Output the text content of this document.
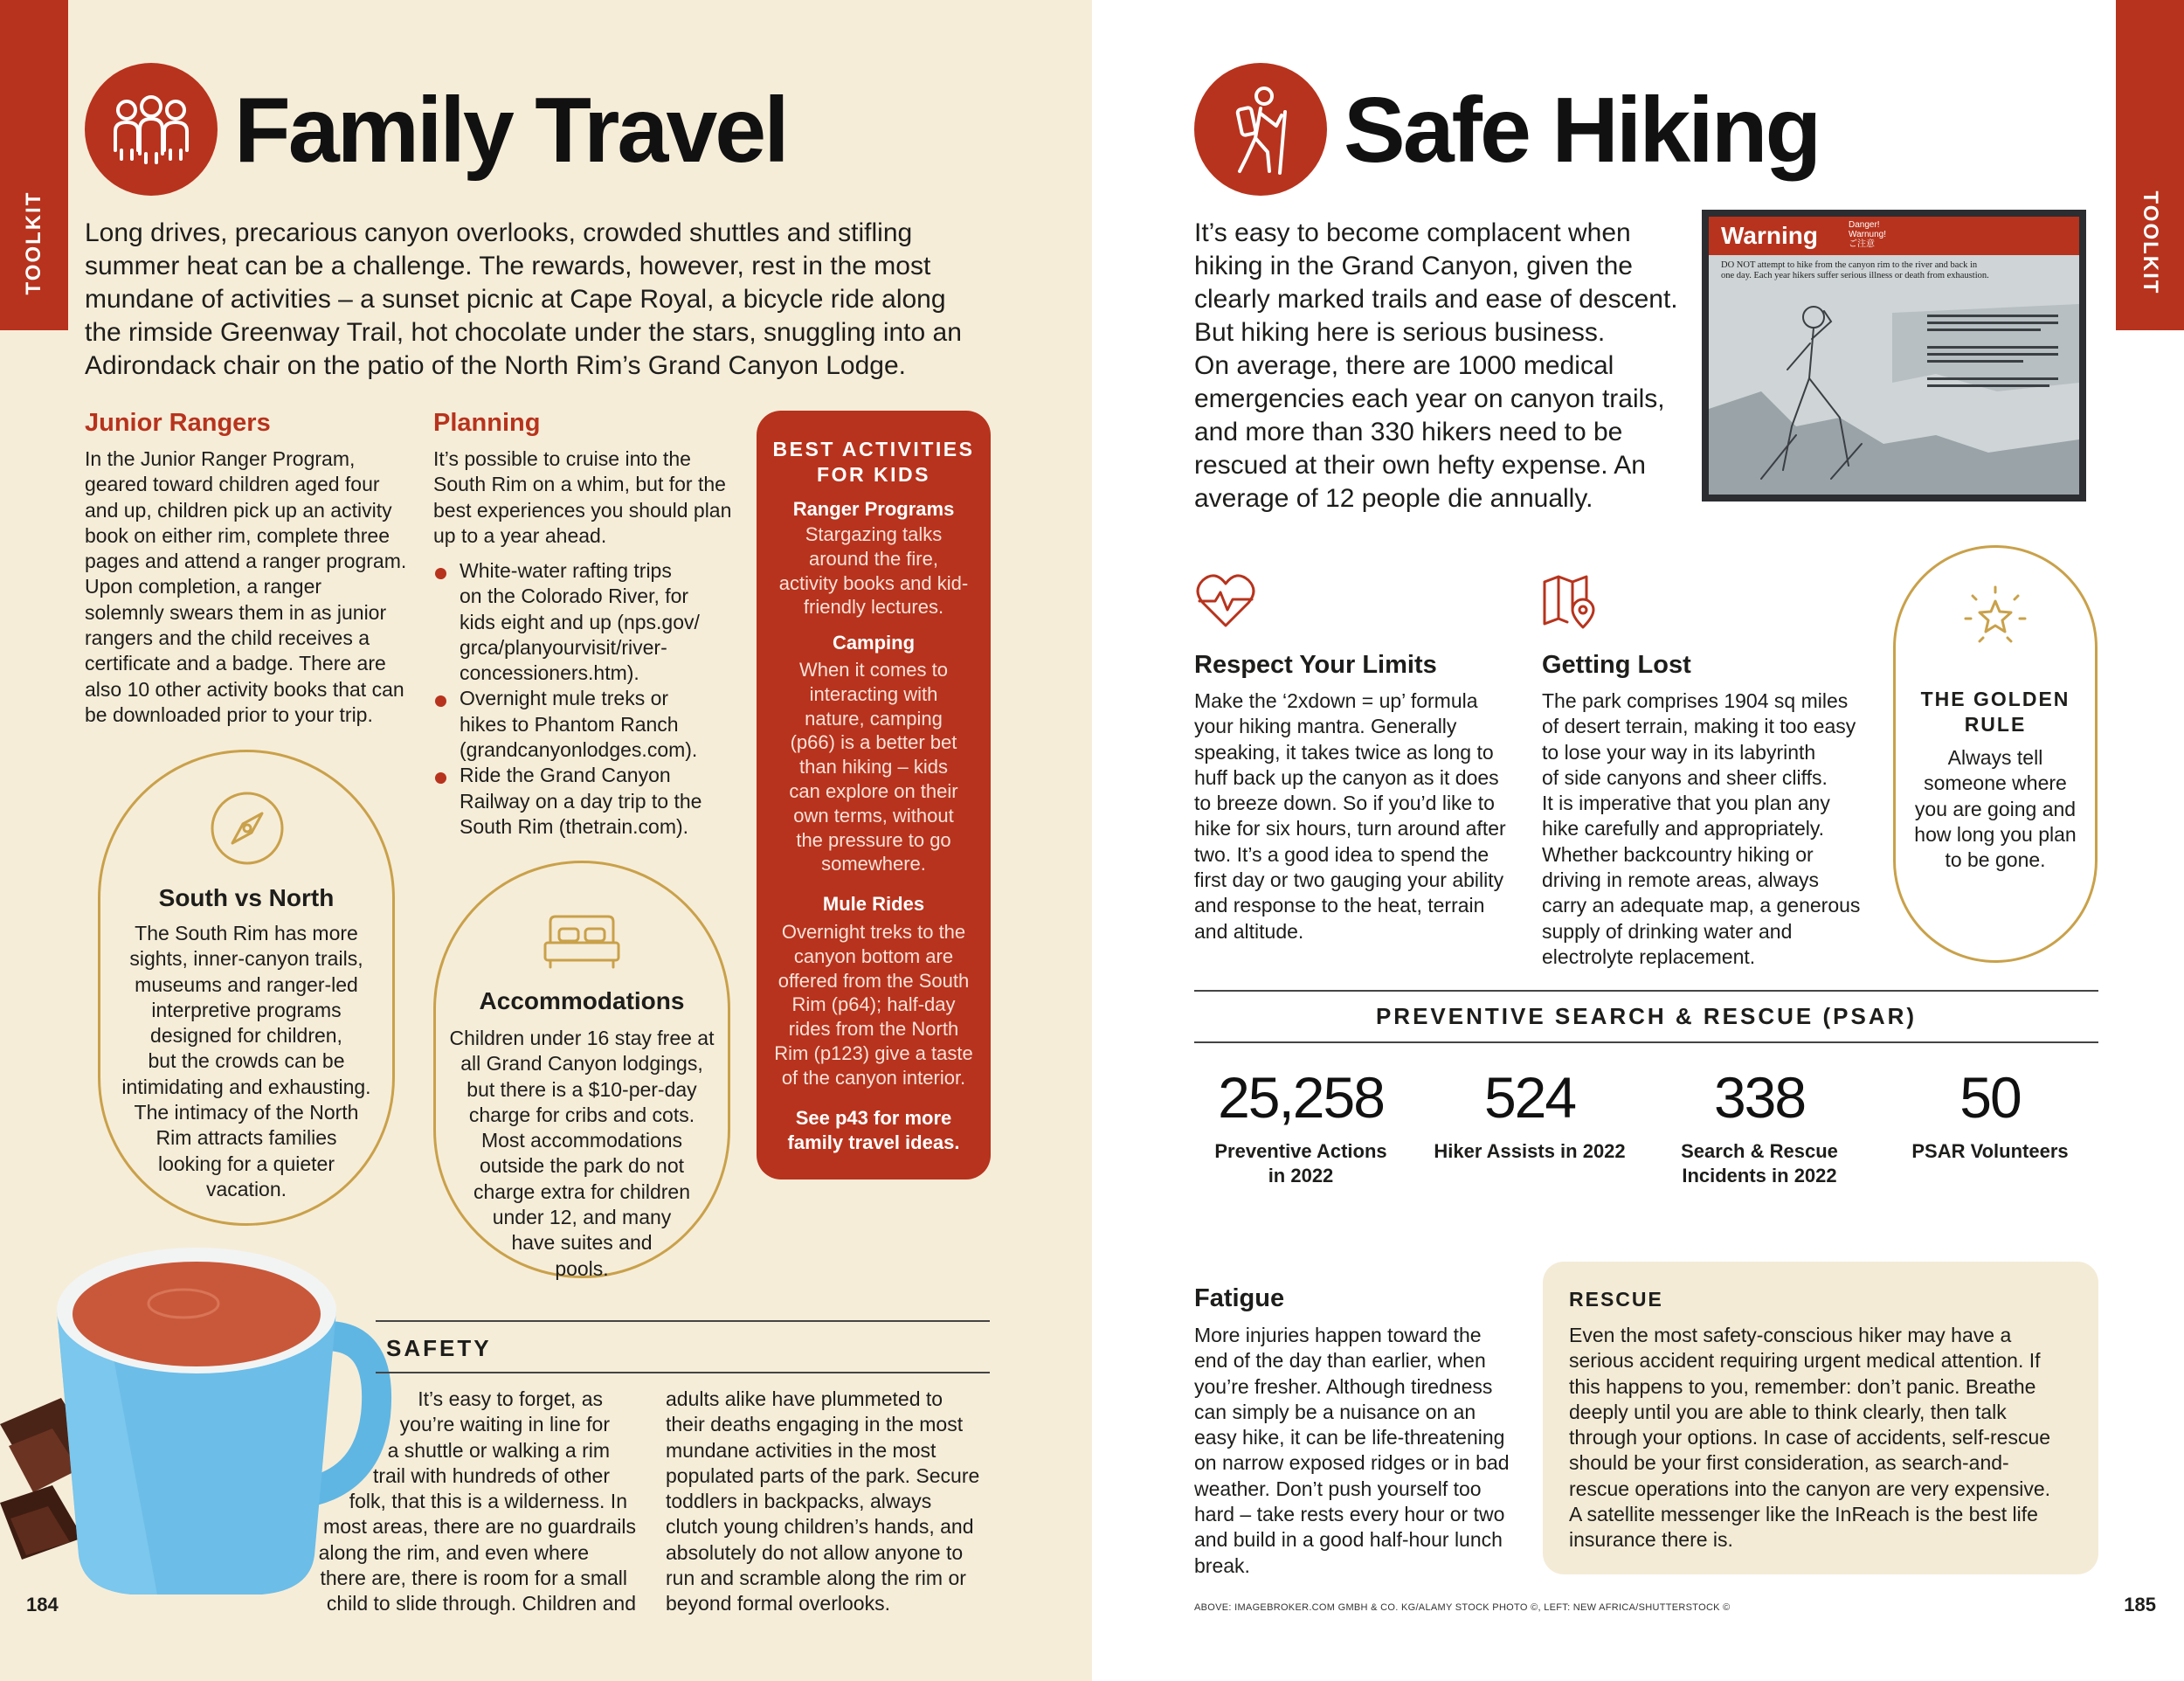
TOOLKIT
Family Travel
Long drives, precarious canyon overlooks, crowded shuttles and stifling
summer heat can be a challenge. The rewards, however, rest in the most
mundane of activities – a sunset picnic at Cape Royal, a bicycle ride along
the rimside Greenway Trail, hot chocolate under the stars, snuggling into an
Adirondack chair on the patio of the North Rim’s Grand Canyon Lodge.
Junior Rangers
In the Junior Ranger Program,
geared toward children aged four
and up, children pick up an activity
book on either rim, complete three
pages and attend a ranger program.
Upon completion, a ranger
solemnly swears them in as junior
rangers and the child receives a
certificate and a badge. There are
also 10 other activity books that can
be downloaded prior to your trip.
Planning
It’s possible to cruise into the
South Rim on a whim, but for the
best experiences you should plan
up to a year ahead.
White-water rafting trips
on the Colorado River, for
kids eight and up (nps.gov/
grca/planyourvisit/river-
concessioners.htm).
Overnight mule treks or
hikes to Phantom Ranch
(grandcanyonlodges.com).
Ride the Grand Canyon
Railway on a day trip to the
South Rim (thetrain.com).
South vs North
The South Rim has more
sights, inner-canyon trails,
museums and ranger-led
interpretive programs
designed for children,
but the crowds can be
intimidating and exhausting.
The intimacy of the North
Rim attracts families
looking for a quieter
vacation.
Accommodations
Children under 16 stay free at
all Grand Canyon lodgings,
but there is a $10-per-day
charge for cribs and cots.
Most accommodations
outside the park do not
charge extra for children
under 12, and many
have suites and
pools.
BEST ACTIVITIES
FOR KIDS
Ranger Programs
Stargazing talks
around the fire,
activity books and kid-
friendly lectures.
Camping
When it comes to
interacting with
nature, camping
(p66) is a better bet
than hiking – kids
can explore on their
own terms, without
the pressure to go
somewhere.
Mule Rides
Overnight treks to the
canyon bottom are
offered from the South
Rim (p64); half-day
rides from the North
Rim (p123) give a taste
of the canyon interior.
See p43 for more
family travel ideas.
SAFETY
It’s easy to forget, as
you’re waiting in line for
a shuttle or walking a rim
trail with hundreds of other
folk, that this is a wilderness. In
most areas, there are no guardrails
along the rim, and even where
there are, there is room for a small
child to slide through. Children and
adults alike have plummeted to
their deaths engaging in the most
mundane activities in the most
populated parts of the park. Secure
toddlers in backpacks, always
clutch young children’s hands, and
absolutely do not allow anyone to
run and scramble along the rim or
beyond formal overlooks.
184
TOOLKIT
Safe Hiking
It’s easy to become complacent when
hiking in the Grand Canyon, given the
clearly marked trails and ease of descent.
But hiking here is serious business.
On average, there are 1000 medical
emergencies each year on canyon trails,
and more than 330 hikers need to be
rescued at their own hefty expense. An
average of 12 people die annually.
Warning	Danger!
Warnung!
ご注意
DO NOT attempt to hike from the canyon rim to the river and back in
one day. Each year hikers suffer serious illness or death from exhaustion.
Respect Your Limits
Make the ‘2xdown = up’ formula
your hiking mantra. Generally
speaking, it takes twice as long to
huff back up the canyon as it does
to breeze down. So if you’d like to
hike for six hours, turn around after
two. It’s a good idea to spend the
first day or two gauging your ability
and response to the heat, terrain
and altitude.
Getting Lost
The park comprises 1904 sq miles
of desert terrain, making it too easy
to lose your way in its labyrinth
of side canyons and sheer cliffs.
It is imperative that you plan any
hike carefully and appropriately.
Whether backcountry hiking or
driving in remote areas, always
carry an adequate map, a generous
supply of drinking water and
electrolyte replacement.
THE GOLDEN
RULE
Always tell
someone where
you are going and
how long you plan
to be gone.
PREVENTIVE SEARCH & RESCUE (PSAR)
25,258
Preventive Actions
in 2022
524
Hiker Assists in 2022
338
Search & Rescue
Incidents in 2022
50
PSAR Volunteers
Fatigue
More injuries happen toward the
end of the day than earlier, when
you’re fresher. Although tiredness
can simply be a nuisance on an
easy hike, it can be life-threatening
on narrow exposed ridges or in bad
weather. Don’t push yourself too
hard – take rests every hour or two
and build in a good half-hour lunch
break.
RESCUE
Even the most safety-conscious hiker may have a
serious accident requiring urgent medical attention. If
this happens to you, remember: don’t panic. Breathe
deeply until you are able to think clearly, then talk
through your options. In case of accidents, self-rescue
should be your first consideration, as search-and-
rescue operations into the canyon are very expensive.
A satellite messenger like the InReach is the best life
insurance there is.
ABOVE: IMAGEBROKER.COM GMBH & CO. KG/ALAMY STOCK PHOTO ©, LEFT: NEW AFRICA/SHUTTERSTOCK ©	185
